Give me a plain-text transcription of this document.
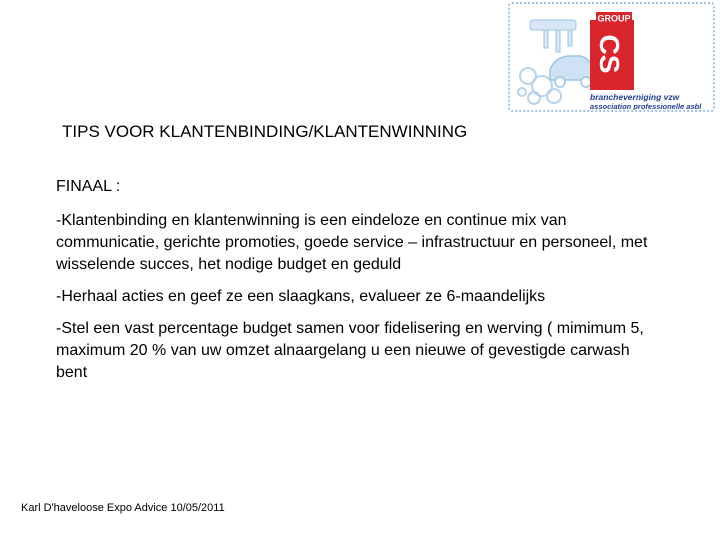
CS
GROUP
brancheverniging vzw
association professionelle asbl
TIPS VOOR KLANTENBINDING/KLANTENWINNING

FINAAL :

-Klantenbinding en klantenwinning is een eindeloze en continue mix van communicatie, gerichte promoties, goede service – infrastructuur en personeel, met wisselende succes, het nodige budget en geduld

-Herhaal acties en geef ze een slaagkans, evalueer ze 6-maandelijks

-Stel een vast percentage budget samen voor fidelisering en werving ( mimimum 5, maximum 20 % van uw omzet alnaargelang u een nieuwe of gevestigde carwash bent

Karl D'haveloose Expo Advice 10/05/2011
